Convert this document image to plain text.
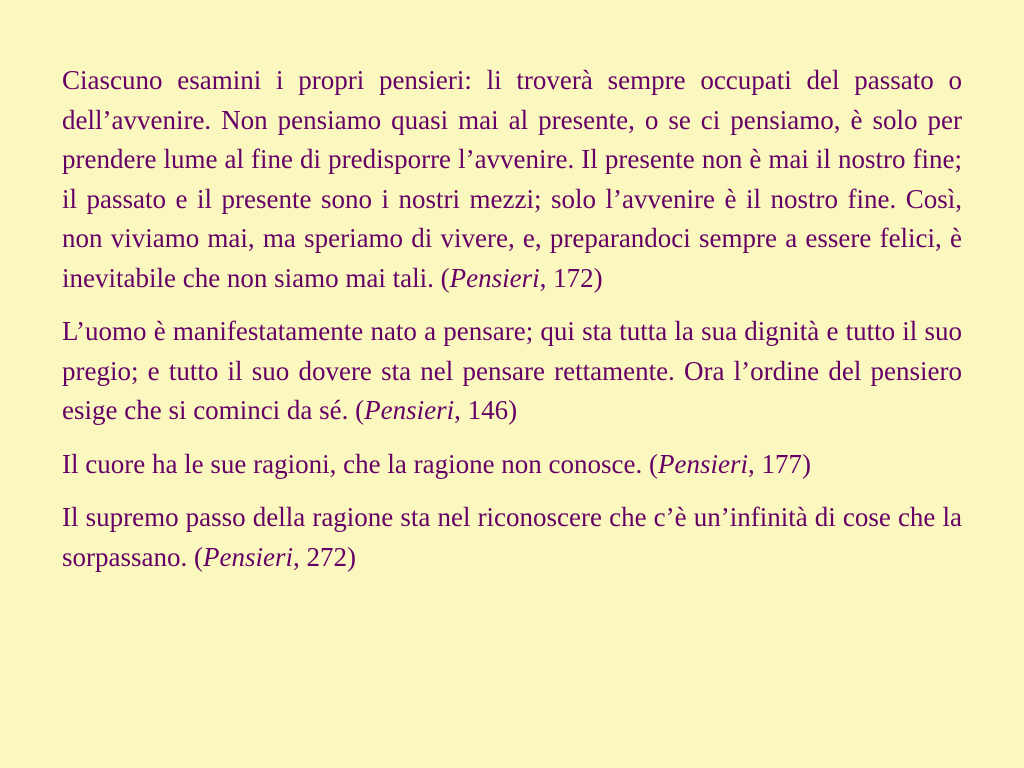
Ciascuno esamini i propri pensieri: li troverà sempre occupati del passato o dell’avvenire. Non pensiamo quasi mai al presente, o se ci pensiamo, è solo per prendere lume al fine di predisporre l’avvenire. Il presente non è mai il nostro fine; il passato e il presente sono i nostri mezzi; solo l’avvenire è il nostro fine. Così, non viviamo mai, ma speriamo di vivere, e, preparandoci sempre a essere felici, è inevitabile che non siamo mai tali. (Pensieri, 172)

L’uomo è manifestatamente nato a pensare; qui sta tutta la sua dignità e tutto il suo pregio; e tutto il suo dovere sta nel pensare rettamente. Ora l’ordine del pensiero esige che si cominci da sé. (Pensieri, 146)

Il cuore ha le sue ragioni, che la ragione non conosce. (Pensieri, 177)

Il supremo passo della ragione sta nel riconoscere che c’è un’infinità di cose che la sorpassano. (Pensieri, 272)
